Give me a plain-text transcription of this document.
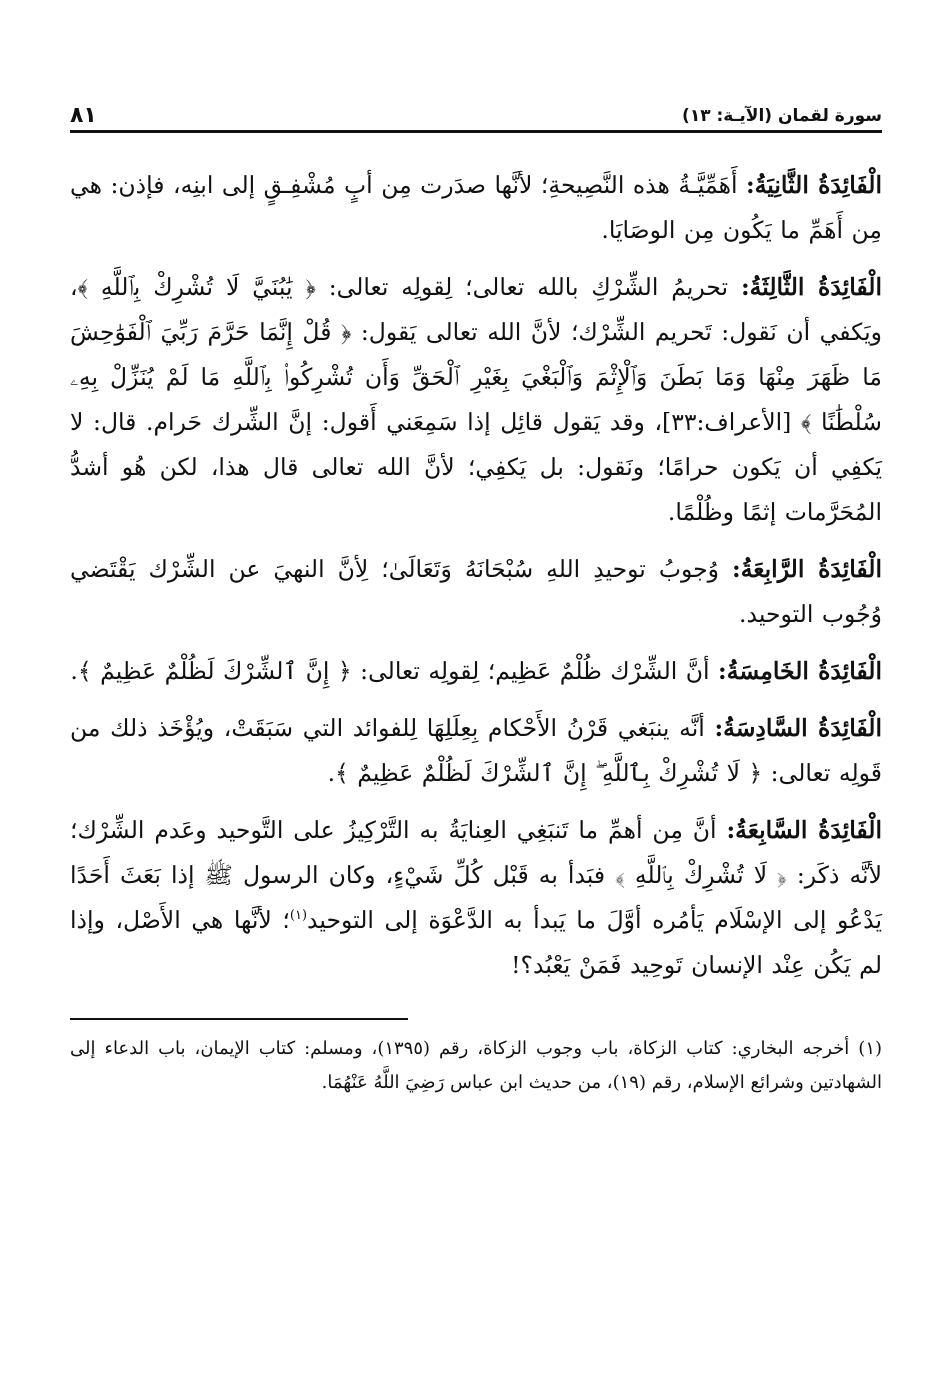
سورة لقمان (الآيـة: ١٣)
٨١

الْفَائِدَةُ الثَّانِيَةُ: أَهَمِّيَّـةُ هذه النَّصِيحةِ؛ لأنَّها صدَرت مِن أبٍ مُشْفِـقٍ إلى ابنِه، فإذن: هي مِن أَهَمِّ ما يَكُون مِن الوصَايَا.

الْفَائِدَةُ الثَّالِثَةُ: تحريمُ الشِّرْكِ بالله تعالى؛ لِقولِه تعالى: ﴿ يَٰبُنَيَّ لَا تُشْرِكْ بِٱللَّهِ ﴾، ويَكفي أن نَقول: تَحريم الشِّرْك؛ لأنَّ الله تعالى يَقول: ﴿ قُلْ إِنَّمَا حَرَّمَ رَبِّيَ ٱلْفَوَٰحِشَ مَا ظَهَرَ مِنْهَا وَمَا بَطَنَ وَٱلْإِثْمَ وَٱلْبَغْيَ بِغَيْرِ ٱلْحَقِّ وَأَن تُشْرِكُوا۟ بِٱللَّهِ مَا لَمْ يُنَزِّلْ بِهِۦ سُلْطَٰنًا ﴾ [الأعراف:٣٣]، وقد يَقول قائِل إذا سَمِعَني أَقول: إنَّ الشِّرك حَرام. قال: لا يَكفِي أن يَكون حرامًا؛ ونَقول: بل يَكفِي؛ لأنَّ الله تعالى قال هذا، لكن هُو أشدُّ المُحَرَّمات إثمًا وظُلْمًا.

الْفَائِدَةُ الرَّابِعَةُ: وُجوبُ توحيدِ اللهِ سُبْحَانَهُ وَتَعَالَىٰ؛ لِأنَّ النهيَ عن الشِّرْك يَقْتَضي وُجُوب التوحيد.

الْفَائِدَةُ الخَامِسَةُ: أنَّ الشِّرْك ظُلْمٌ عَظِيم؛ لِقولِه تعالى: ﴿ إِنَّ ٱلشِّرْكَ لَظُلْمٌ عَظِيمٌ ﴾.

الْفَائِدَةُ السَّادِسَةُ: أنَّه ينبَغي قَرْنُ الأَحْكام بِعِلَلِهَا لِلفوائد التي سَبَقَتْ، ويُؤْخَذ ذلك من قَولِه تعالى: ﴿ لَا تُشْرِكْ بِٱللَّهِ ۖ إِنَّ ٱلشِّرْكَ لَظُلْمٌ عَظِيمٌ ﴾.

الْفَائِدَةُ السَّابِعَةُ: أنَّ مِن أهمِّ ما تَنبَغِي العِنايَةُ به التَّرْكِيزُ على التَّوحيد وعَدم الشِّرْك؛ لأنَّه ذكَر: ﴿ لَا تُشْرِكْ بِٱللَّهِ ﴾ فبَدأ به قَبْل كُلِّ شَيْءٍ، وكان الرسول ﷺ إذا بَعَثَ أَحَدًا يَدْعُو إلى الإسْلَام يَأمُره أوَّلَ ما يَبدأ به الدَّعْوَة إلى التوحيد$^{(١)}$؛ لأنَّها هي الأَصْل، وإذا لم يَكُن عِنْد الإنسان تَوحِيد فَمَنْ يَعْبُد؟!

(١) أخرجه البخاري: كتاب الزكاة، باب وجوب الزكاة، رقم (١٣٩٥)، ومسلم: كتاب الإيمان، باب الدعاء إلى الشهادتين وشرائع الإسلام، رقم (١٩)، من حديث ابن عباس رَضِيَ اللَّهُ عَنْهُمَا.
